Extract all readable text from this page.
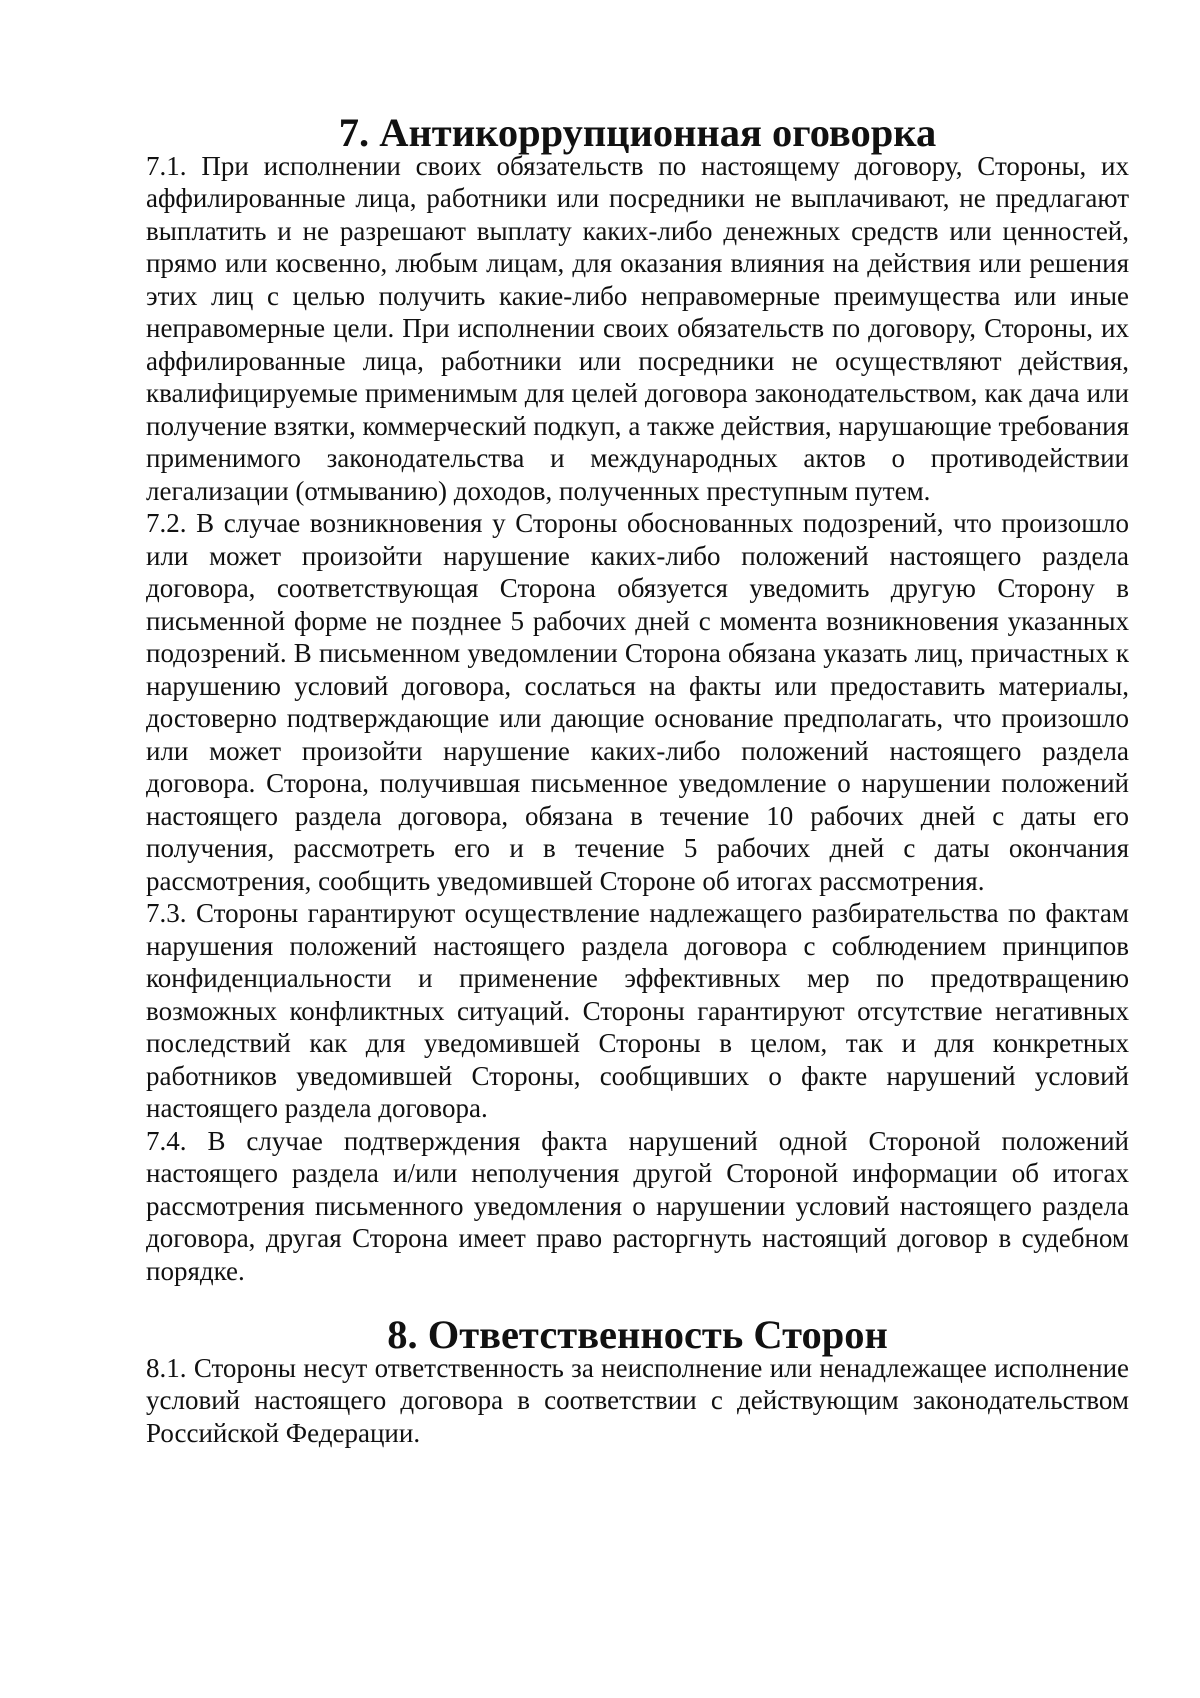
7. Антикоррупционная оговорка

7.1. При исполнении своих обязательств по настоящему договору, Стороны, их аффилированные лица, работники или посредники не выплачивают, не предлагают выплатить и не разрешают выплату каких-либо денежных средств или ценностей, прямо или косвенно, любым лицам, для оказания влияния на действия или решения этих лиц с целью получить какие-либо неправомерные преимущества или иные неправомерные цели. При исполнении своих обязательств по договору, Стороны, их аффилированные лица, работники или посредники не осуществляют действия, квалифицируемые применимым для целей договора законодательством, как дача или получение взятки, коммерческий подкуп, а также действия, нарушающие требования применимого законодательства и международных актов о противодействии легализации (отмыванию) доходов, полученных преступным путем.

7.2. В случае возникновения у Стороны обоснованных подозрений, что произошло или может произойти нарушение каких-либо положений настоящего раздела договора, соответствующая Сторона обязуется уведомить другую Сторону в письменной форме не позднее 5 рабочих дней с момента возникновения указанных подозрений. В письменном уведомлении Сторона обязана указать лиц, причастных к нарушению условий договора, сослаться на факты или предоставить материалы, достоверно подтверждающие или дающие основание предполагать, что произошло или может произойти нарушение каких-либо положений настоящего раздела договора. Сторона, получившая письменное уведомление о нарушении положений настоящего раздела договора, обязана в течение 10 рабочих дней с даты его получения, рассмотреть его и в течение 5 рабочих дней с даты окончания рассмотрения, сообщить уведомившей Стороне об итогах рассмотрения.

7.3. Стороны гарантируют осуществление надлежащего разбирательства по фактам нарушения положений настоящего раздела договора с соблюдением принципов конфиденциальности и применение эффективных мер по предотвращению возможных конфликтных ситуаций. Стороны гарантируют отсутствие негативных последствий как для уведомившей Стороны в целом, так и для конкретных работников уведомившей Стороны, сообщивших о факте нарушений условий настоящего раздела договора.

7.4. В случае подтверждения факта нарушений одной Стороной положений настоящего раздела и/или неполучения другой Стороной информации об итогах рассмотрения письменного уведомления о нарушении условий настоящего раздела договора, другая Сторона имеет право расторгнуть настоящий договор в судебном порядке.

8. Ответственность Сторон

8.1. Стороны несут ответственность за неисполнение или ненадлежащее исполнение условий настоящего договора в соответствии с действующим законодательством Российской Федерации.
